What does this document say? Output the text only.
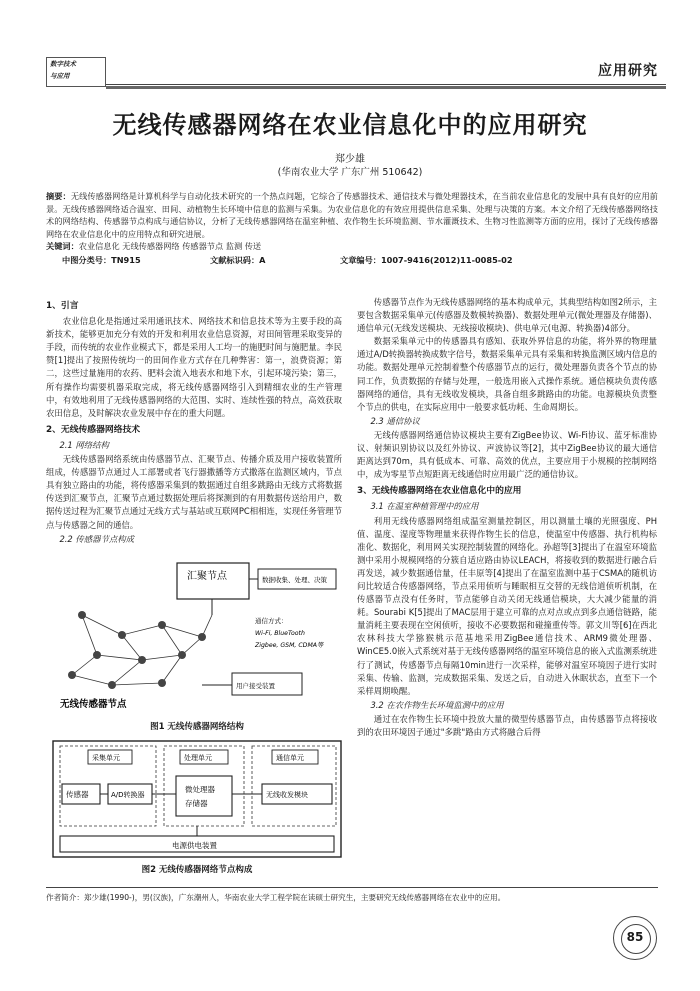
数字技术
与应用	应用研究
无线传感器网络在农业信息化中的应用研究
郑少雄
(华南农业大学 广东广州 510642)
摘要：无线传感器网络是计算机科学与自动化技术研究的一个热点问题，它综合了传感器技术、通信技术与微处理器技术，在当前农业信息化的发展中具有良好的应用前景。无线传感器网络适合温室、田间、动植物生长环境中信息的监测与采集。为农业信息化的有效应用提供信息采集、处理与决策的方案。本文介绍了无线传感器网络技术的网络结构、传感器节点构成与通信协议，分析了无线传感器网络在温室种植、农作物生长环境监测、节水灌溉技术、生物习性监测等方面的应用，探讨了无线传感器网络在农业信息化中的应用特点和研究进展。
关键词：农业信息化 无线传感器网络 传感器节点 监测 传送
中图分类号：TN915	文献标识码：A	文章编号：1007-9416(2012)11-0085-02
1、引言

农业信息化是指通过采用通讯技术、网络技术和信息技术等为主要手段的高新技术，能够更加充分有效的开发和利用农业信息资源，对田间管理采取变异的手段，而传统的农业作业模式下，都是采用人工均一的施肥时间与施肥量。李民赞[1]提出了按照传统均一的田间作业方式存在几种弊害：第一，浪费资源；第二，这些过量施用的农药、肥料会流入地表水和地下水，引起环境污染；第三，所有操作均需要机器采取完成，将无线传感器网络引入到精细农业的生产管理中，有效地利用了无线传感器网络的大范围、实时、连续性强的特点，高效获取农田信息，及时解决农业发展中存在的重大问题。

2、无线传感器网络技术
2.1 网络结构

无线传感器网络系统由传感器节点、汇聚节点、传播介质及用户接收装置所组成，传感器节点通过人工部署或者飞行器撒播等方式撒落在监测区域内，节点具有独立路由的功能，将传感器采集到的数据通过自组多跳路由无线方式将数据传送到汇聚节点，汇聚节点通过数据处理后将探测到的有用数据传送给用户，数据传送过程为汇聚节点通过无线方式与基站或互联网PC相相连，实现任务管理节点与传感器之间的通信。

2.2 传感器节点构成
汇聚节点	数据收集、处理、决策
通信方式：
Wi-Fi, BlueTooth
Zigbee, GSM, CDMA等
用户接受装置
无线传感器节点
图1 无线传感器网络结构
采集单元	处理单元	通信单元
传感器	A/D转换器
微处理器
存储器
无线收发模块
电源供电装置
图2 无线传感器网络节点构成

传感器节点作为无线传感器网络的基本构成单元，其典型结构如图2所示，主要包含数据采集单元(传感器及数模转换器)、数据处理单元(微处理器及存储器)、通信单元(无线发送模块、无线接收模块)、供电单元(电源、转换器)4部分。

数据采集单元中的传感器具有感知、获取外界信息的功能，将外界的物理量通过A/D转换器转换成数字信号，数据采集单元具有采集和转换监测区域内信息的功能。数据处理单元控制着整个传感器节点的运行，微处理器负责各个节点的协同工作，负责数据的存储与处理，一般选用嵌入式操作系统。通信模块负责传感器网络的通信，具有无线收发模块，具备自组多跳路由的功能。电源模块负责整个节点的供电，在实际应用中一般要求低功耗、生命周期长。

2.3 通信协议

无线传感器网络通信协议模块主要有ZigBee协议、Wi-Fi协议、蓝牙标准协议、射频识别协议以及红外协议、声波协议等[2]，其中ZigBee协议的最大通信距离达到70m，具有低成本、可靠、高效的优点，主要应用于小规模的控制网络中，成为零星节点短距离无线通信时应用最广泛的通信协议。

3、无线传感器网络在农业信息化中的应用
3.1 在温室种植管理中的应用

利用无线传感器网络组成温室测量控制区，用以测量土壤的光照强度、PH值、温度、湿度等物理量来获得作物生长的信息，使温室中传感器、执行机构标准化、数据化，利用网关实现控制装置的网络化。孙超等[3]提出了在温室环境监测中采用小规模网络的分簇自适应路由协议LEACH，将接收到的数据进行融合后再发送，减少数据通信量，任丰原等[4]提出了在温室监测中基于CSMA的随机访问比较适合传感器网络，节点采用侦听与睡眠相互交替的无线信道侦听机制，在传感器节点没有任务时，节点能够自动关闭无线通信模块，大大减少能量的消耗。Sourabi K[5]提出了MAC层用于建立可靠的点对点或点到多点通信链路，能量消耗主要表现在空闲侦听，接收不必要数据和碰撞重传等。郭文川等[6]在西北农林科技大学猕猴桃示范基地采用ZigBee通信技术、ARM9微处理器、WinCE5.0嵌入式系统对基于无线传感器网络的温室环境信息的嵌入式监测系统进行了测试，传感器节点每隔10min进行一次采样，能够对温室环境因子进行实时采集、传输、监测，完成数据采集、发送之后，自动进入休眠状态，直至下一个采样周期唤醒。

3.2 在农作物生长环境监测中的应用

通过在农作物生长环境中投放大量的微型传感器节点，由传感器节点将接收到的农田环境因子通过"多跳"路由方式将融合后得

作者简介：郑少雄(1990-)，男(汉族)，广东潮州人，华南农业大学工程学院在读硕士研究生，主要研究无线传感器网络在农业中的应用。
85
